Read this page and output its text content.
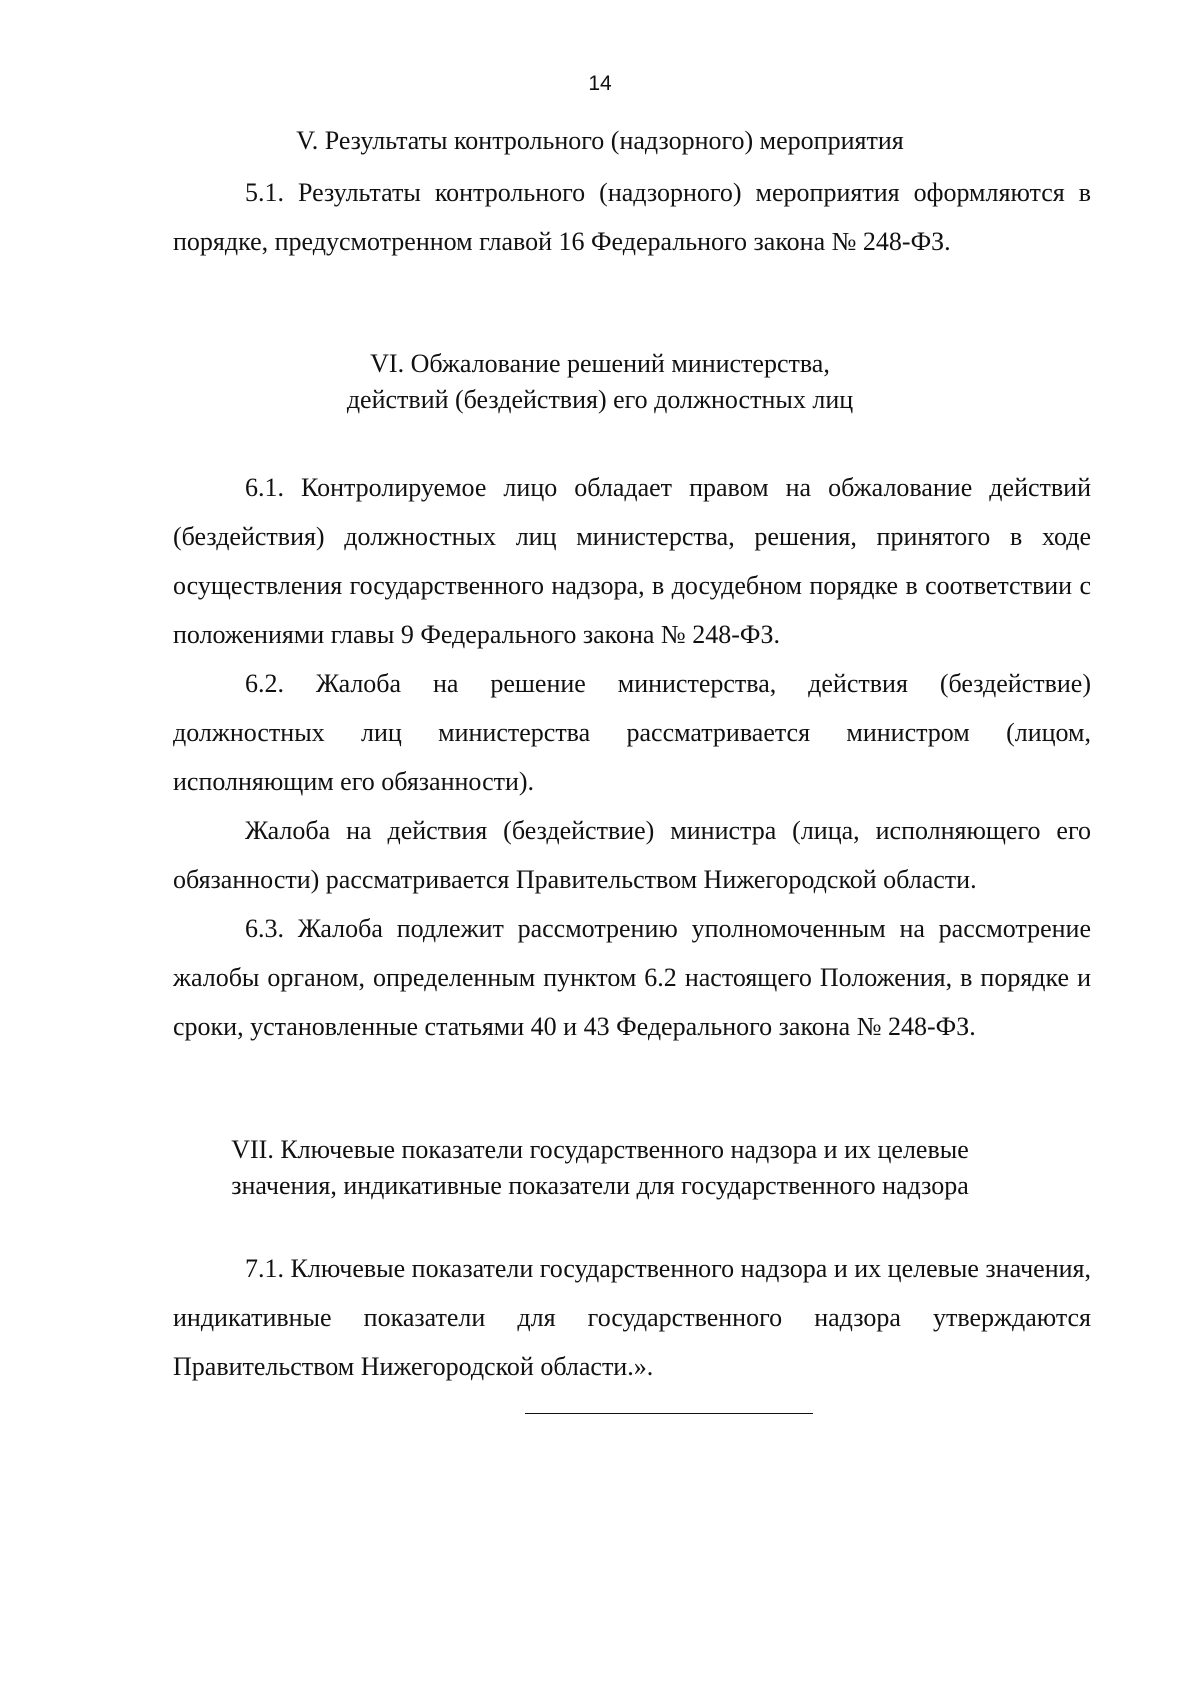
14
V. Результаты контрольного (надзорного) мероприятия

5.1. Результаты контрольного (надзорного) мероприятия оформляются в порядке, предусмотренном главой 16 Федерального закона № 248-ФЗ.

VI. Обжалование решений министерства,
действий (бездействия) его должностных лиц

6.1. Контролируемое лицо обладает правом на обжалование действий (бездействия) должностных лиц министерства, решения, принятого в ходе осуществления государственного надзора, в досудебном порядке в соответствии с положениями главы 9 Федерального закона № 248-ФЗ.

6.2. Жалоба на решение министерства, действия (бездействие) должностных лиц министерства рассматривается министром (лицом, исполняющим его обязанности).

Жалоба на действия (бездействие) министра (лица, исполняющего его обязанности) рассматривается Правительством Нижегородской области.

6.3. Жалоба подлежит рассмотрению уполномоченным на рассмотрение жалобы органом, определенным пунктом 6.2 настоящего Положения, в порядке и сроки, установленные статьями 40 и 43 Федерального закона № 248-ФЗ.

VII. Ключевые показатели государственного надзора и их целевые
значения, индикативные показатели для государственного надзора

7.1. Ключевые показатели государственного надзора и их целевые значения, индикативные показатели для государственного надзора утверждаются Правительством Нижегородской области.».
